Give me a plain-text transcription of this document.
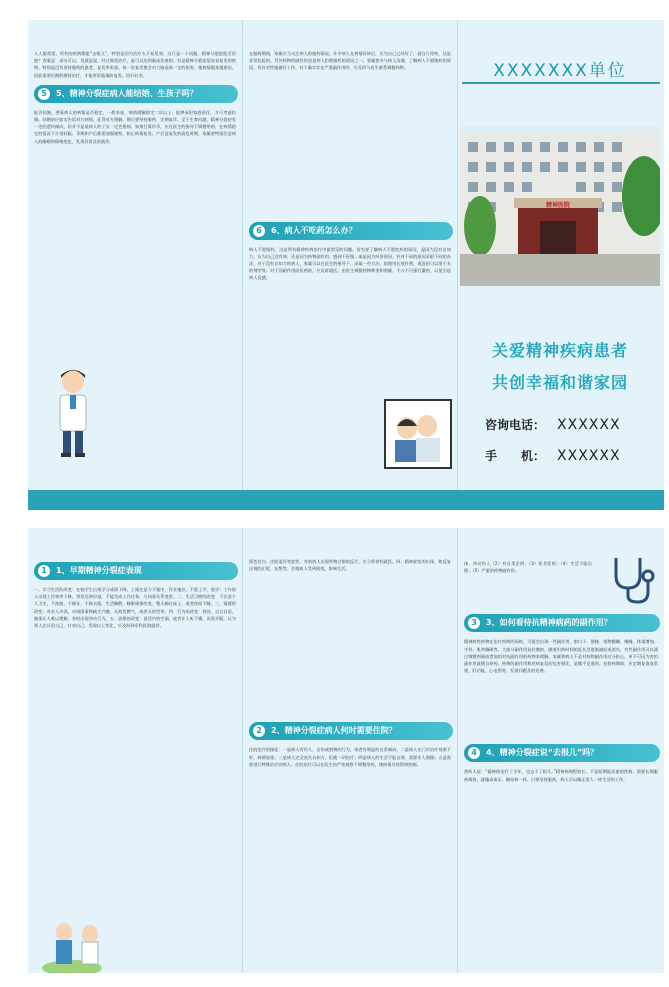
人人都希望，所有的疾病都能“去根儿”，特别是因为治疗太不易见效，这只是一个问题。精神分裂症能否治愈？答案是：部分可以，也就是说，经过规范治疗，是可以达到临床治愈的。但是精神分裂症是容易复发的疾病，特别是没有坚持服药的患者，复发率更高。每一次复发都会对大脑造成一定的损害，使病情越来越难治，因此需要长期的维持治疗，才能更好地预防复发，回归社会。

5	5、精神分裂症病人能结婚、生孩子吗？

能否结婚，要看病人的病情是否稳定，一般来说，病情缓解稳定二年以上，能够承担家庭责任，才可考虑结婚。结婚前应如实告诉对方病情，征得对方理解。婚后要坚持服药，定期复诊。至于生育问题，精神分裂症有一定的遗传倾向，但并不是说病人的子女一定会患病。如果打算怀孕，应在医生的指导下调整用药，在病情稳定的情况下计划妊娠，孕期和产后都要加强观察，防止病情复发。产后是复发的高危时期，家属要特别注意病人的睡眠和情绪变化，发现异常及时就诊。

在服药期间，家属应当关注病人的服药情况，许多病人在病情好转后，认为自己已经好了，就自行停药，这是非常危险的。另外药物的副作用也是病人拒绝服药的原因之一。家属要多与病人沟通，了解病人不愿服药的原因，有针对性地做好工作。对于确实存在严重副作用的，应及时与医生联系调整药物。

6	6、病人不吃药怎么办？

病人不愿服药，这是所有精神疾病治疗中最常见的问题。首先要了解病人不愿吃药的原因，是因为没有自知力，认为自己没有病；还是因为药物副作用，感到不舒服；或是因为经济原因。针对不同的原因采取不同的办法。对于没有自知力的病人，家属可以在医生的指导下，采取一些方法，如使用长效针剂，或选用可以溶于水的剂型等。对于因副作用而拒药的，应及时就医，由医生调整药物种类和剂量。千万不可强行灌药，以免引起病人反感。

XXXXXXX单位
精神医院
关爱精神疾病患者
共创幸福和谐家园
咨询电话： XXXXXX
手　　机： XXXXXX
1	1、早期精神分裂症表现

一、学习生活的改变：在校学生出现学习成绩下降，上课注意力不集中，作业拖拉，不愿上学，逃学；工作的人出现工作效率下降，常常迟到早退，不能完成工作任务，与同事关系变差。二、生活习惯的改变：不注意个人卫生，不洗脸、不刷牙、不换衣服，生活懒散，睡眠规律改变，整天躺在床上，或者夜间不睡。三、情感的改变：对亲人冷淡，对周围事物缺乏兴趣，无故发脾气，或者无故哭笑。四、行为的改变：独处，自言自语，做事让人难以理解，有时出现冲动行为。五、思维的改变：说话内容空洞，或者让人听不懂，出现多疑，认为别人在议论自己、针对自己。发现以上变化，应及时到专科医院就诊。

面色苍白、皮肤湿冷等症状，有的病人出现药物过敏的反应，应立即停药就医。四、精神症状的出现，如反复出现的幻觉、妄想等，会使病人受到困扰，影响生活。

2	2、精神分裂症病人何时需要住院？

住院治疗的指征：一是病人有伤人、自伤或毁物的行为，或者有明显的自杀倾向；二是病人在门诊治疗效果不好，病情加重；三是病人完全丧失自知力，拒绝一切治疗；四是病人的生活不能自理，需要专人照顾；五是需要进行特殊治疗的病人。住院治疗可以在医生的严密观察下调整用药，使病情尽快得到控制。

体、冲动伤人（2）有自杀企图；（3）拒食拒药；（4）生活不能自理；（5）严重的药物副作用。

3	3、如何看待抗精神病药的副作用？

精神病性药物在治疗疾病的同时，可能会出现一些副作用，如口干、便秘、视物模糊、嗜睡、体重增加、手抖、肌肉僵硬等。大部分副作用是轻微的，随着用药时间的延长会逐渐减轻或消失。有些副作用可以通过调整剂量或者加用对抗副作用的药物来缓解。家属和病人不必对药物副作用过分担心，更不可因为害怕副作用就擅自停药。药物的副作用和疾病复发的危害相比，是微不足道的。在服药期间，应定期复查血常规、肝功能、心电图等，发现问题及时处理。

4	4、精神分裂症说“去根儿”吗？

常听人说：“精神病治疗了半年，也去不了根儿。”精神病病程较长，不是短期能治愈的疾病，需要长期服药维持，就像高血压、糖尿病一样。只要坚持服药，病人可以像正常人一样生活和工作。
